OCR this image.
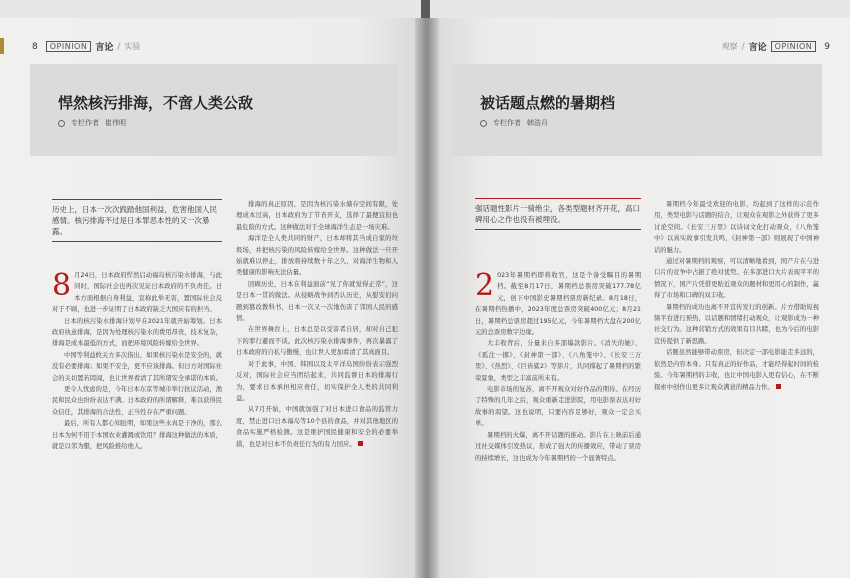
8	OPINION 言论 / 实验
悍然核污排海，不啻人类公敌
专栏作者 崔伟明
历史上，日本一次次践踏他国利益，危害他国人民感情。核污排海不过是日本罪恶本性的又一次暴露。

8 月24日，日本政府悍然启动福岛核污染水排海，与此同时，国际社会也再次见证日本政府的不负责任。日本方面根据自身利益，宣称此举无害，置国际社会反对于不顾，也进一步证明了日本政府缺乏大国应有的担当。

日本的核污染水排海计划早在2021年就开始筹划。日本政府执意排海，是因为处理核污染水的费用昂贵，技术复杂，排海是成本最低的方式，而把环境风险转嫁给全世界。

中国等利益攸关方多次指出，如果核污染水是安全的，就没有必要排海；如果不安全，更不应该排海。但日方对国际社会的关切置若罔闻，也让世界看清了其所谓安全承诺的本质。

更令人忧虑的是，今年日本东京等城市举行抗议活动，渔民和民众也纷纷表达不满。日本政府的所谓解释，难以获得民众信任，其排海的合法性、正当性存在严重问题。

最后，所有人都心知肚明，如果这些水真是干净的，那么日本为何不用于本国农业灌溉或饮用？排海这种做法的本质，就是以邻为壑，把风险推给他人。

排海的真正原因，是因为核污染水储存空间有限，处理成本过高，日本政府为了节省开支，选择了最便宜但也最危险的方式。这种做法对于全球海洋生态是一场灾难。

海洋是全人类共同的财产，日本却将其当成自家的垃圾场，并把核污染的风险转嫁给全世界。这种做法一旦开始就难以停止，排放将持续数十年之久，对海洋生物和人类健康的影响无法估量。

回顾历史，日本在利益面前“见了你就觉得正常”，这是日本一贯的做法。从侵略战争到否认历史，从慰安妇问题到篡改教科书，日本一次又一次地伤害了邻国人民的感情。

在世界舞台上，日本总是以受害者自居，却对自己犯下的罪行避而不谈。此次核污染水排海事件，再次暴露了日本政府的自私与傲慢，也让世人更加看清了其真面目。

对于此事，中国、韩国以及太平洋岛国纷纷表示强烈反对，国际社会应当团结起来，共同监督日本的排海行为，要求日本承担相应责任，切实保护全人类的共同利益。

从7月开始，中国就加强了对日本进口食品的监管力度，禁止进口日本福岛等10个县的食品，并对其他地区的食品实施严格检测。这是维护国民健康和安全的必要举措，也是对日本不负责任行为的有力回应。

观察 / 言论	OPINION	9
被话题点燃的暑期档
专栏作者 韩浩月
强话题性影片一骑绝尘，各类型题材齐开花，高口碑用心之作也没有被埋没。

2 023年暑期档即将收官，这是个备受瞩目的暑期档。截至8月17日，暑期档总票房突破177.78亿元，创下中国影史暑期档票房新纪录。8月18日，在暑期档热播中，2023年度总票房突破400亿元；8月21日，暑期档总票房超过195亿元，今年暑期档大盘在200亿元的总票房数字边缘。

大丰收背后，分量来自多部爆款影片。《消失的她》、《孤注一掷》、《封神第一部》、《八角笼中》、《长安三万里》、《热烈》、《巨齿鲨2》等影片，共同撑起了暑期档的繁荣景象，类型之丰富前所未有。

电影市场的复苏，离不开观众对好作品的期待。在经历了特殊的几年之后，观众重新走进影院，用电影票表达对好故事的渴望。这也说明，只要内容足够好，观众一定会买单。

暑期档的火爆，离不开话题的推动。影片在上映前后通过社交媒体引发热议，形成了强大的传播效应，带动了票房的持续增长，这也成为今年暑期档的一个显著特点。

暑期档今年最受欢迎的电影，均起到了这样的示范作用，类型电影与话题的结合，让观众在观影之外获得了更多讨论空间。《长安三万里》以诗词文化打动观众，《八角笼中》以真实故事引发共鸣，《封神第一部》则展现了中国神话的魅力。

通过对暑期档的观察，可以清晰地看到，国产片在与进口片的竞争中占据了绝对优势。在多部进口大片表现平平的情况下，国产片凭借更贴近观众的题材和更用心的制作，赢得了市场和口碑的双丰收。

暑期档的成功也离不开宣传发行的创新。片方借助短视频平台进行预热，以话题和情绪打动观众，让观影成为一种社交行为。这种营销方式的效果有目共睹，也为今后的电影宣传提供了新思路。

话题虽然能够带动票房，但决定一部电影能走多远的，依然是内容本身。只有真正的好作品，才能经得起时间的检验。今年暑期档的丰收，也让中国电影人更有信心，在不断探索中创作出更多让观众满意的精品力作。
